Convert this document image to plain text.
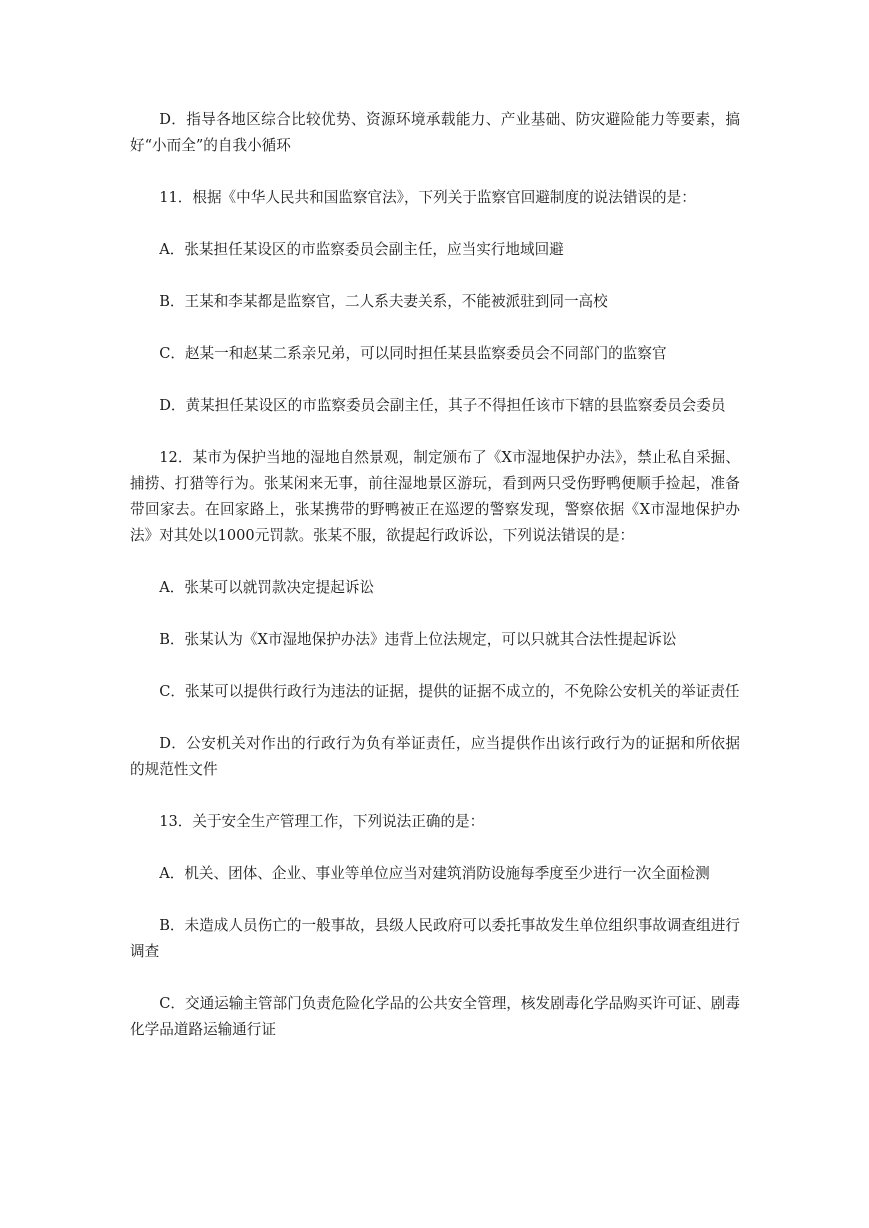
D．指导各地区综合比较优势、资源环境承载能力、产业基础、防灾避险能力等要素，搞好“小而全”的自我小循环

11．根据《中华人民共和国监察官法》，下列关于监察官回避制度的说法错误的是：

A．张某担任某设区的市监察委员会副主任，应当实行地域回避

B．王某和李某都是监察官，二人系夫妻关系，不能被派驻到同一高校

C．赵某一和赵某二系亲兄弟，可以同时担任某县监察委员会不同部门的监察官

D．黄某担任某设区的市监察委员会副主任，其子不得担任该市下辖的县监察委员会委员

12．某市为保护当地的湿地自然景观，制定颁布了《X市湿地保护办法》，禁止私自采掘、捕捞、打猎等行为。张某闲来无事，前往湿地景区游玩，看到两只受伤野鸭便顺手捡起，准备带回家去。在回家路上，张某携带的野鸭被正在巡逻的警察发现，警察依据《X市湿地保护办法》对其处以1000元罚款。张某不服，欲提起行政诉讼，下列说法错误的是：

A．张某可以就罚款决定提起诉讼

B．张某认为《X市湿地保护办法》违背上位法规定，可以只就其合法性提起诉讼

C．张某可以提供行政行为违法的证据，提供的证据不成立的，不免除公安机关的举证责任

D．公安机关对作出的行政行为负有举证责任，应当提供作出该行政行为的证据和所依据的规范性文件

13．关于安全生产管理工作，下列说法正确的是：

A．机关、团体、企业、事业等单位应当对建筑消防设施每季度至少进行一次全面检测

B．未造成人员伤亡的一般事故，县级人民政府可以委托事故发生单位组织事故调查组进行调查

C．交通运输主管部门负责危险化学品的公共安全管理，核发剧毒化学品购买许可证、剧毒化学品道路运输通行证
